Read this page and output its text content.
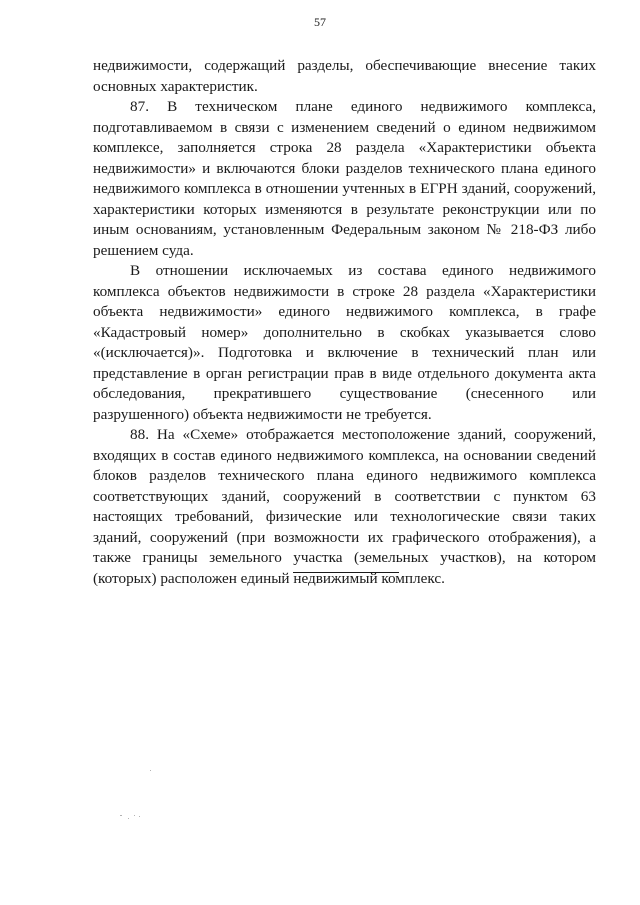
57

недвижимости, содержащий разделы, обеспечивающие внесение таких основных характеристик.

87. В техническом плане единого недвижимого комплекса, подготавливаемом в связи с изменением сведений о едином недвижимом комплексе, заполняется строка 28 раздела «Характеристики объекта недвижимости» и включаются блоки разделов технического плана единого недвижимого комплекса в отношении учтенных в ЕГРН зданий, сооружений, характеристики которых изменяются в результате реконструкции или по иным основаниям, установленным Федеральным законом № 218-ФЗ либо решением суда.

В отношении исключаемых из состава единого недвижимого комплекса объектов недвижимости в строке 28 раздела «Характеристики объекта недвижимости» единого недвижимого комплекса, в графе «Кадастровый номер» дополнительно в скобках указывается слово «(исключается)». Подготовка и включение в технический план или представление в орган регистрации прав в виде отдельного документа акта обследования, прекратившего существование (снесенного или разрушенного) объекта недвижимости не требуется.

88. На «Схеме» отображается местоположение зданий, сооружений, входящих в состав единого недвижимого комплекса, на основании сведений блоков разделов технического плана единого недвижимого комплекса соответствующих зданий, сооружений в соответствии с пунктом 63 настоящих требований, физические или технологические связи таких зданий, сооружений (при возможности их графического отображения), а также границы земельного участка (земельных участков), на котором (которых) расположен единый недвижимый комплекс.
